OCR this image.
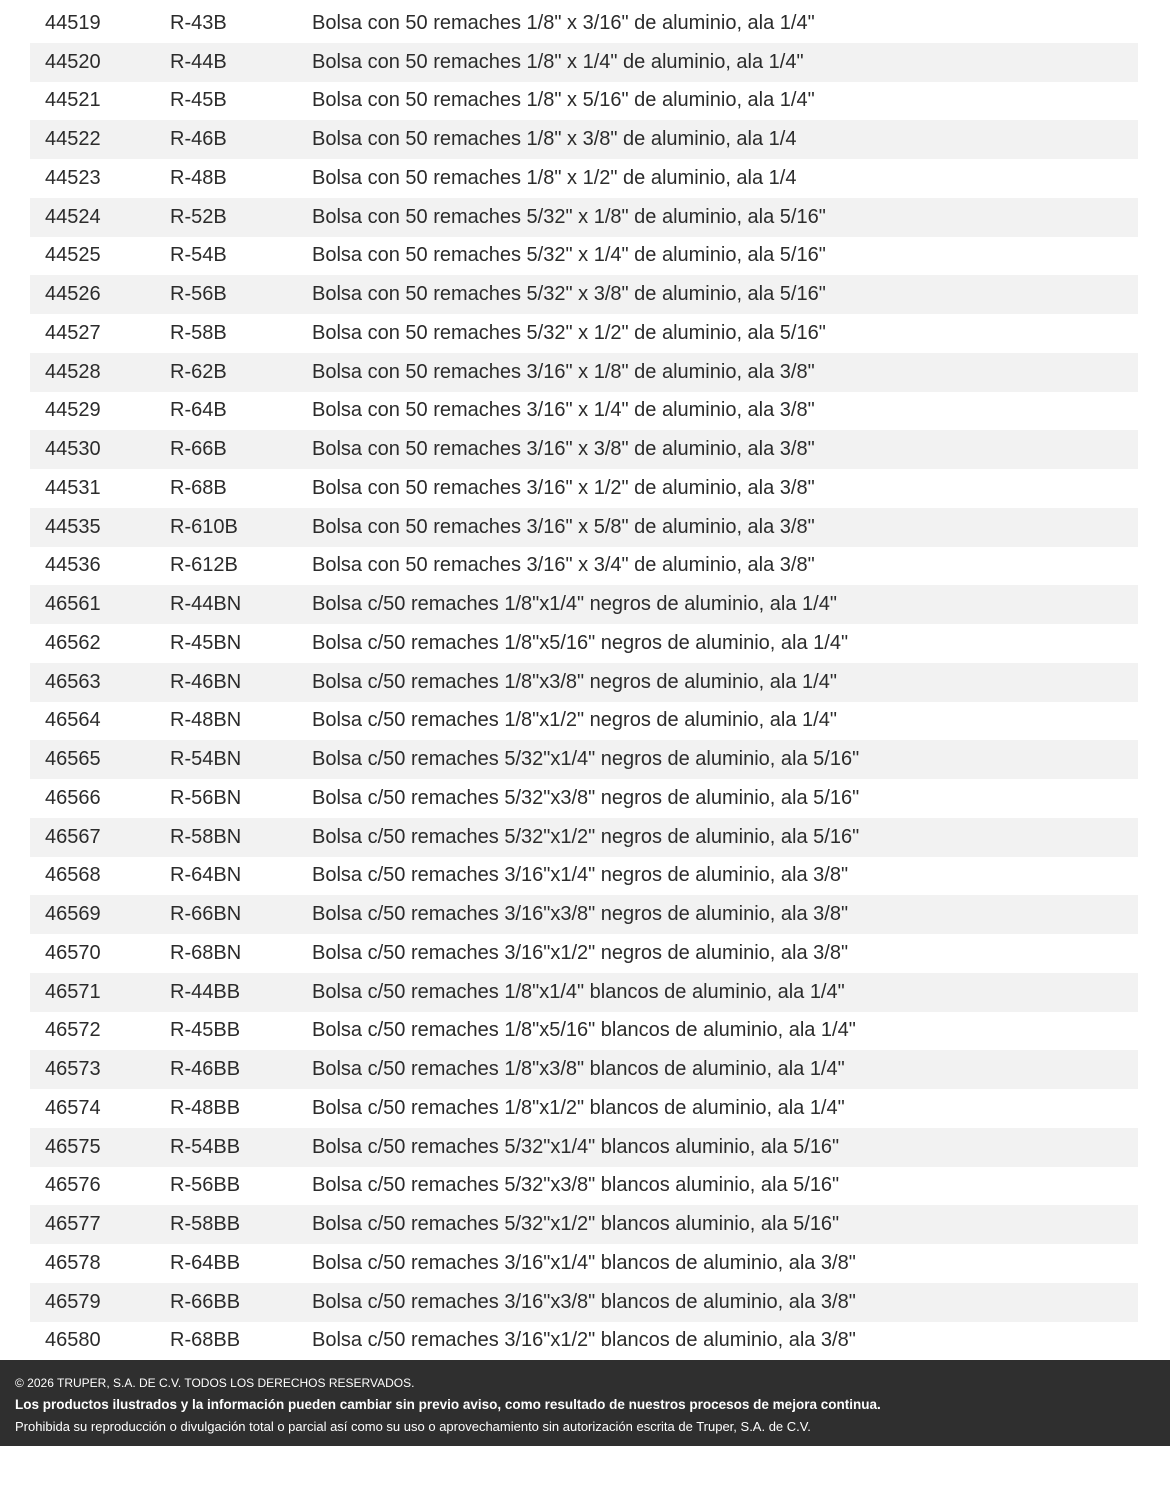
44519	R-43B	Bolsa con 50 remaches 1/8" x 3/16" de aluminio, ala 1/4"
44520	R-44B	Bolsa con 50 remaches 1/8" x 1/4" de aluminio, ala 1/4"
44521	R-45B	Bolsa con 50 remaches 1/8" x 5/16" de aluminio, ala 1/4"
44522	R-46B	Bolsa con 50 remaches 1/8" x 3/8" de aluminio, ala 1/4
44523	R-48B	Bolsa con 50 remaches 1/8" x 1/2" de aluminio, ala 1/4
44524	R-52B	Bolsa con 50 remaches 5/32" x 1/8" de aluminio, ala 5/16"
44525	R-54B	Bolsa con 50 remaches 5/32" x 1/4" de aluminio, ala 5/16"
44526	R-56B	Bolsa con 50 remaches 5/32" x 3/8" de aluminio, ala 5/16"
44527	R-58B	Bolsa con 50 remaches 5/32" x 1/2" de aluminio, ala 5/16"
44528	R-62B	Bolsa con 50 remaches 3/16" x 1/8" de aluminio, ala 3/8"
44529	R-64B	Bolsa con 50 remaches 3/16" x 1/4" de aluminio, ala 3/8"
44530	R-66B	Bolsa con 50 remaches 3/16" x 3/8" de aluminio, ala 3/8"
44531	R-68B	Bolsa con 50 remaches 3/16" x 1/2" de aluminio, ala 3/8"
44535	R-610B	Bolsa con 50 remaches 3/16" x 5/8" de aluminio, ala 3/8"
44536	R-612B	Bolsa con 50 remaches 3/16" x 3/4" de aluminio, ala 3/8"
46561	R-44BN	Bolsa c/50 remaches 1/8"x1/4" negros de aluminio, ala 1/4"
46562	R-45BN	Bolsa c/50 remaches 1/8"x5/16" negros de aluminio, ala 1/4"
46563	R-46BN	Bolsa c/50 remaches 1/8"x3/8" negros de aluminio, ala 1/4"
46564	R-48BN	Bolsa c/50 remaches 1/8"x1/2" negros de aluminio, ala 1/4"
46565	R-54BN	Bolsa c/50 remaches 5/32"x1/4" negros de aluminio, ala 5/16"
46566	R-56BN	Bolsa c/50 remaches 5/32"x3/8" negros de aluminio, ala 5/16"
46567	R-58BN	Bolsa c/50 remaches 5/32"x1/2" negros de aluminio, ala 5/16"
46568	R-64BN	Bolsa c/50 remaches 3/16"x1/4" negros de aluminio, ala 3/8"
46569	R-66BN	Bolsa c/50 remaches 3/16"x3/8" negros de aluminio, ala 3/8"
46570	R-68BN	Bolsa c/50 remaches 3/16"x1/2" negros de aluminio, ala 3/8"
46571	R-44BB	Bolsa c/50 remaches 1/8"x1/4" blancos de aluminio, ala 1/4"
46572	R-45BB	Bolsa c/50 remaches 1/8"x5/16" blancos de aluminio, ala 1/4"
46573	R-46BB	Bolsa c/50 remaches 1/8"x3/8" blancos de aluminio, ala 1/4"
46574	R-48BB	Bolsa c/50 remaches 1/8"x1/2" blancos de aluminio, ala 1/4"
46575	R-54BB	Bolsa c/50 remaches 5/32"x1/4" blancos aluminio, ala 5/16"
46576	R-56BB	Bolsa c/50 remaches 5/32"x3/8" blancos aluminio, ala 5/16"
46577	R-58BB	Bolsa c/50 remaches 5/32"x1/2" blancos aluminio, ala 5/16"
46578	R-64BB	Bolsa c/50 remaches 3/16"x1/4" blancos de aluminio, ala 3/8"
46579	R-66BB	Bolsa c/50 remaches 3/16"x3/8" blancos de aluminio, ala 3/8"
46580	R-68BB	Bolsa c/50 remaches 3/16"x1/2" blancos de aluminio, ala 3/8"
© 2026 TRUPER, S.A. DE C.V. TODOS LOS DERECHOS RESERVADOS.
Los productos ilustrados y la información pueden cambiar sin previo aviso, como resultado de nuestros procesos de mejora continua.
Prohibida su reproducción o divulgación total o parcial así como su uso o aprovechamiento sin autorización escrita de Truper, S.A. de C.V.
